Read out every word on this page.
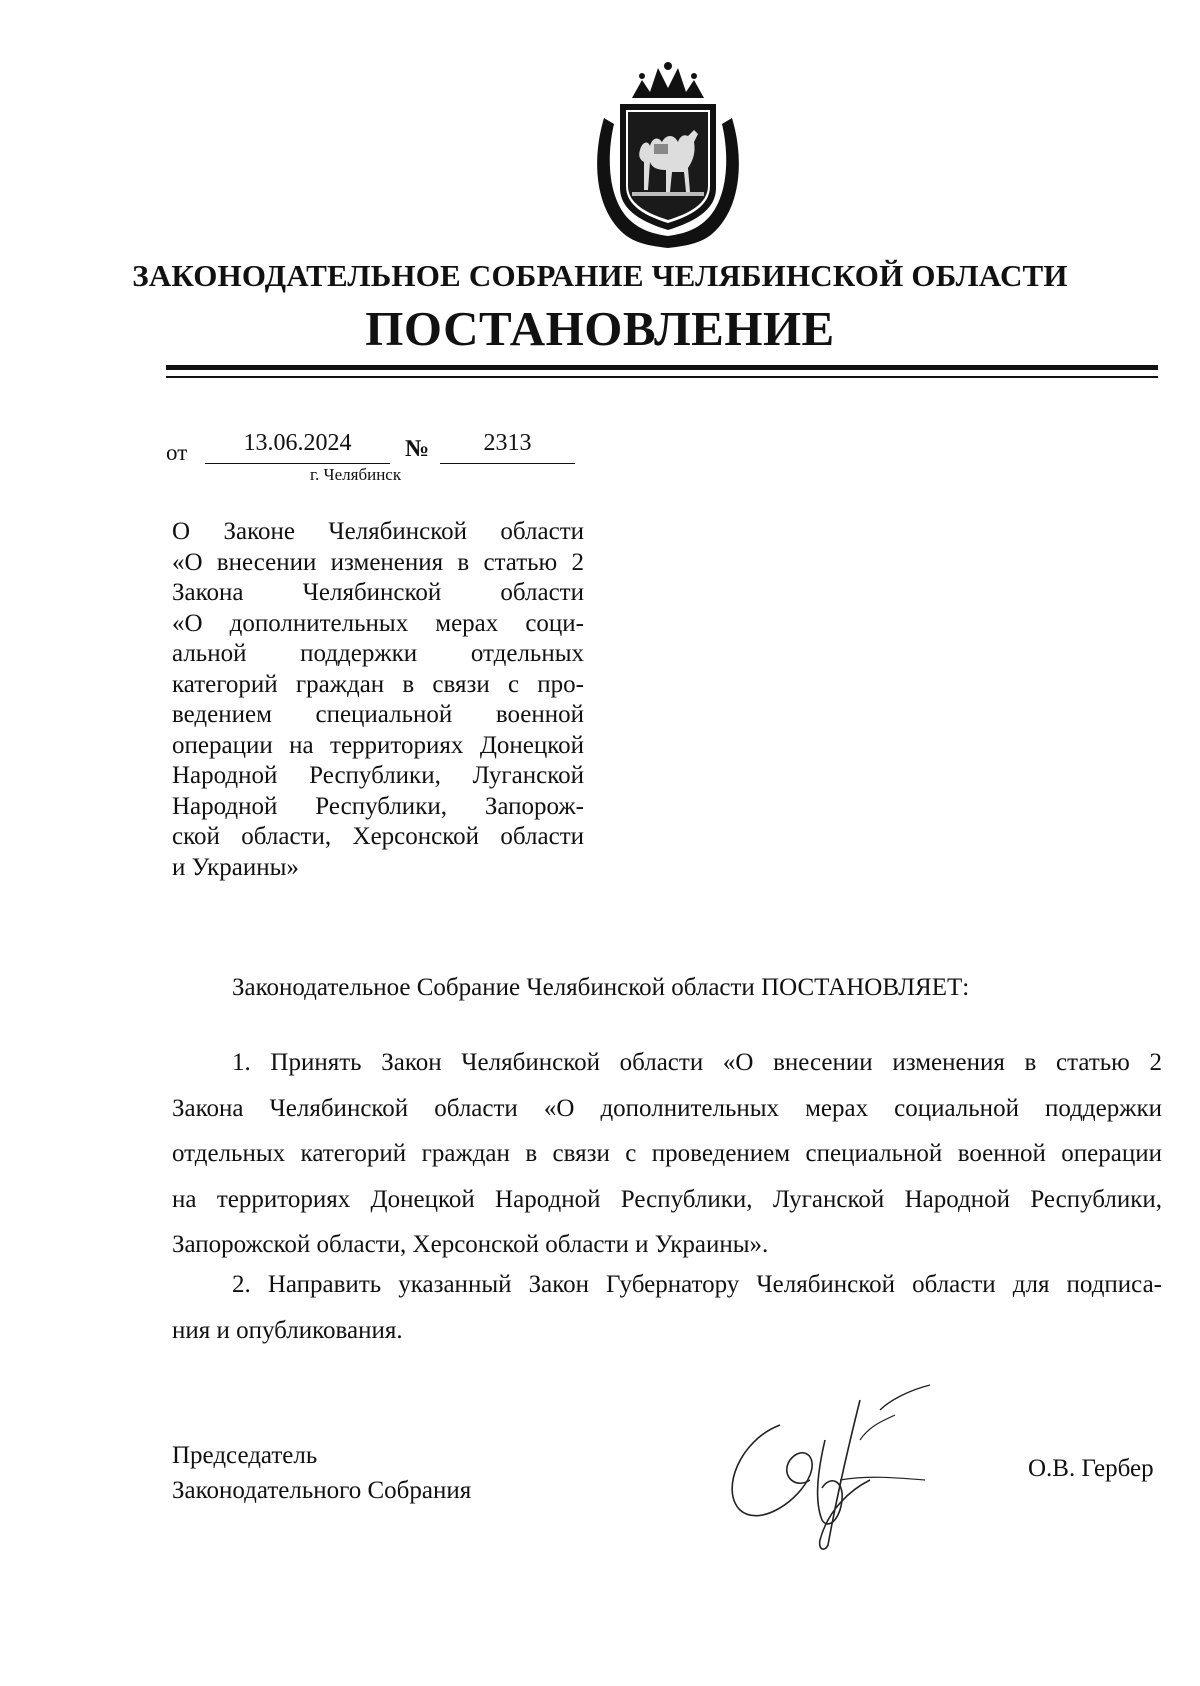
ЗАКОНОДАТЕЛЬНОЕ СОБРАНИЕ ЧЕЛЯБИНСКОЙ ОБЛАСТИ
ПОСТАНОВЛЕНИЕ
от	13.06.2024	№	2313
г. Челябинск
О Законе Челябинской области
«О внесении изменения в статью 2
Закона Челябинской области
«О дополнительных мерах соци-
альной поддержки отдельных
категорий граждан в связи с про-
ведением специальной военной
операции на территориях Донецкой
Народной Республики, Луганской
Народной Республики, Запорож-
ской области, Херсонской области
и Украины»
Законодательное Собрание Челябинской области ПОСТАНОВЛЯЕТ:
1. Принять Закон Челябинской области «О внесении изменения в статью 2
Закона Челябинской области «О дополнительных мерах социальной поддержки
отдельных категорий граждан в связи с проведением специальной военной операции
на территориях Донецкой Народной Республики, Луганской Народной Республики,
Запорожской области, Херсонской области и Украины».
2. Направить указанный Закон Губернатору Челябинской области для подписа-
ния и опубликования.
Председатель
Законодательного Собрания
О.В. Гербер
